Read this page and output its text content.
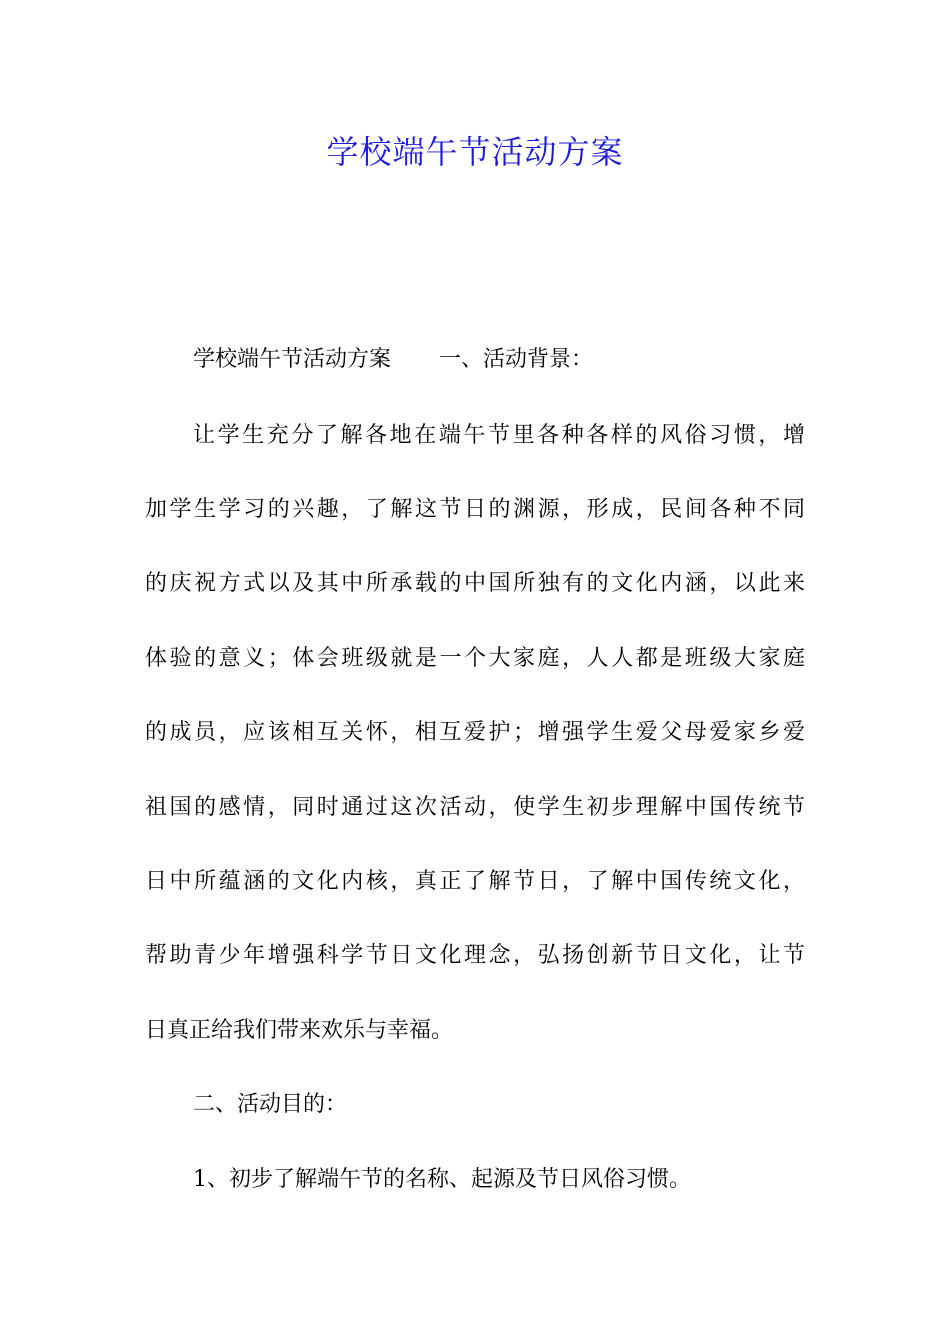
学校端午节活动方案
学校端午节活动方案 一、活动背景：
让学生充分了解各地在端午节里各种各样的风俗习惯，增
加学生学习的兴趣，了解这节日的渊源，形成，民间各种不同
的庆祝方式以及其中所承载的中国所独有的文化内涵，以此来
体验的意义；体会班级就是一个大家庭，人人都是班级大家庭
的成员，应该相互关怀，相互爱护；增强学生爱父母爱家乡爱
祖国的感情，同时通过这次活动，使学生初步理解中国传统节
日中所蕴涵的文化内核，真正了解节日，了解中国传统文化，
帮助青少年增强科学节日文化理念，弘扬创新节日文化，让节
日真正给我们带来欢乐与幸福。
二、活动目的：
1、初步了解端午节的名称、起源及节日风俗习惯。
